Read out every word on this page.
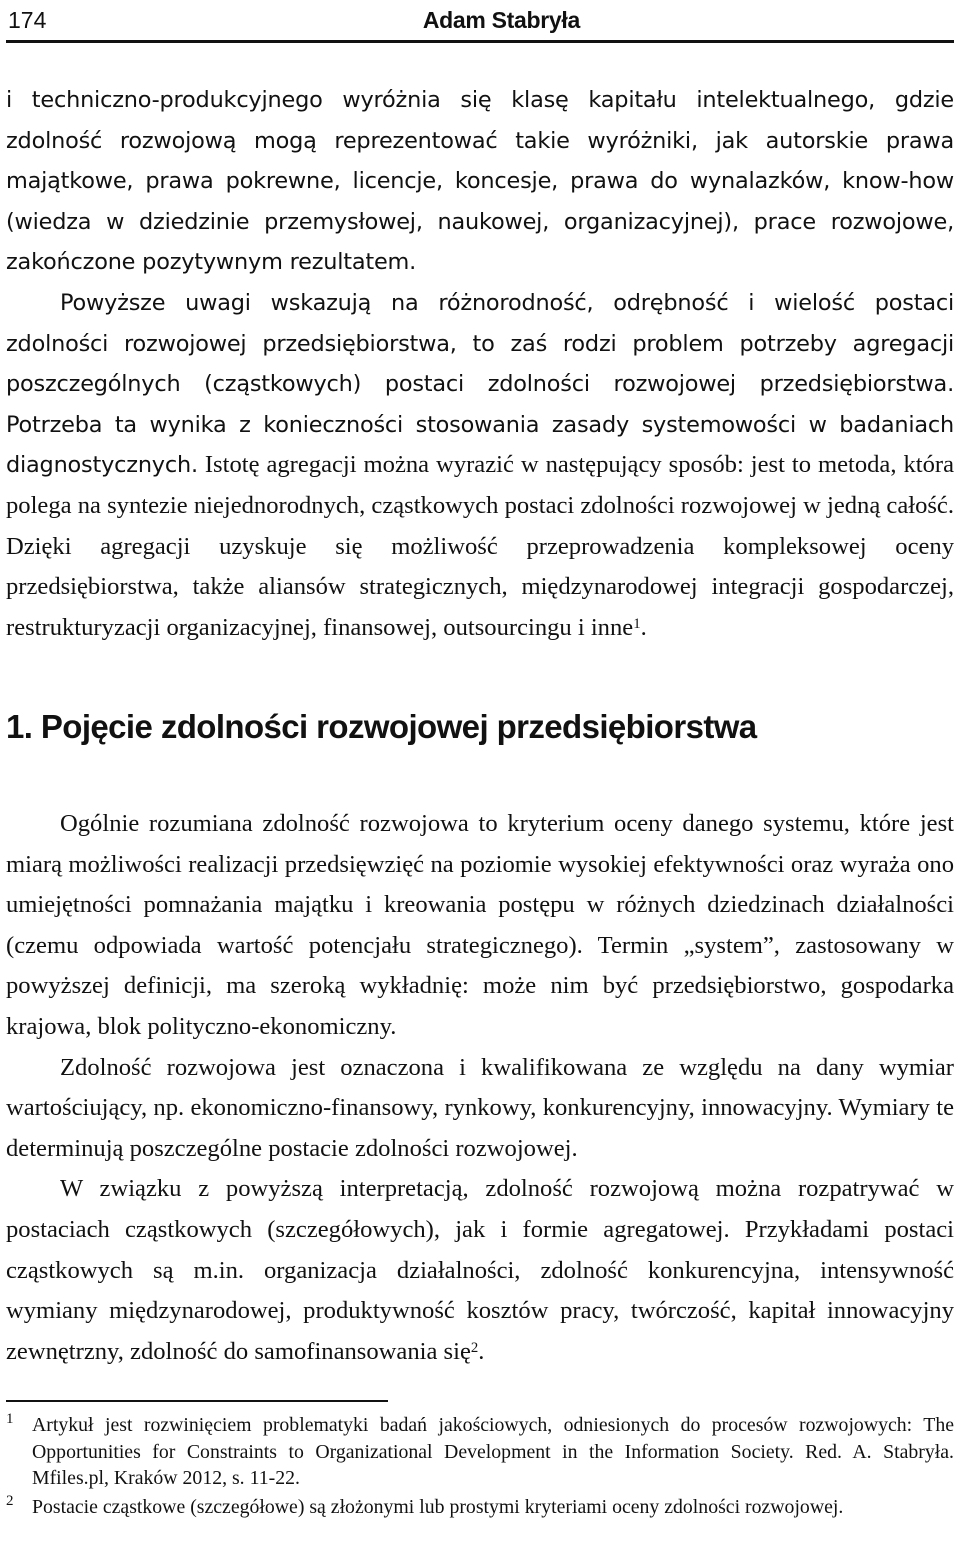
174	Adam Stabryła

i techniczno-produkcyjnego wyróżnia się klasę kapitału intelektualnego, gdzie zdolność rozwojową mogą reprezentować takie wyróżniki, jak autorskie prawa majątkowe, prawa pokrewne, licencje, koncesje, prawa do wynalazków, know-how (wiedza w dziedzinie przemysłowej, naukowej, organizacyjnej), prace rozwojowe, zakończone pozytywnym rezultatem.

Powyższe uwagi wskazują na różnorodność, odrębność i wielość postaci zdolności rozwojowej przedsiębiorstwa, to zaś rodzi problem potrzeby agregacji poszczególnych (cząstkowych) postaci zdolności rozwojowej przedsiębiorstwa. Potrzeba ta wynika z konieczności stosowania zasady systemowości w badaniach diagnostycznych. Istotę agregacji można wyrazić w następujący sposób: jest to metoda, która polega na syntezie niejednorodnych, cząstkowych postaci zdolności rozwojowej w jedną całość. Dzięki agregacji uzyskuje się możliwość przeprowadzenia kompleksowej oceny przedsiębiorstwa, także aliansów strategicznych, międzynarodowej integracji gospodarczej, restrukturyzacji organizacyjnej, finansowej, outsourcingu i inne$^1$.

1. Pojęcie zdolności rozwojowej przedsiębiorstwa

Ogólnie rozumiana zdolność rozwojowa to kryterium oceny danego systemu, które jest miarą możliwości realizacji przedsięwzięć na poziomie wysokiej efektywności oraz wyraża ono umiejętności pomnażania majątku i kreowania postępu w różnych dziedzinach działalności (czemu odpowiada wartość potencjału strategicznego). Termin „system”, zastosowany w powyższej definicji, ma szeroką wykładnię: może nim być przedsiębiorstwo, gospodarka krajowa, blok polityczno-ekonomiczny.

Zdolność rozwojowa jest oznaczona i kwalifikowana ze względu na dany wymiar wartościujący, np. ekonomiczno-finansowy, rynkowy, konkurencyjny, innowacyjny. Wymiary te determinują poszczególne postacie zdolności rozwojowej.

W związku z powyższą interpretacją, zdolność rozwojową można rozpatrywać w postaciach cząstkowych (szczegółowych), jak i formie agregatowej. Przykładami postaci cząstkowych są m.in. organizacja działalności, zdolność konkurencyjna, intensywność wymiany międzynarodowej, produktywność kosztów pracy, twórczość, kapitał innowacyjny zewnętrzny, zdolność do samofinansowania się$^2$.

1 Artykuł jest rozwinięciem problematyki badań jakościowych, odniesionych do procesów rozwojowych: The Opportunities for Constraints to Organizational Development in the Information Society. Red. A. Stabryła. Mfiles.pl, Kraków 2012, s. 11-22.
2 Postacie cząstkowe (szczegółowe) są złożonymi lub prostymi kryteriami oceny zdolności rozwojowej.
